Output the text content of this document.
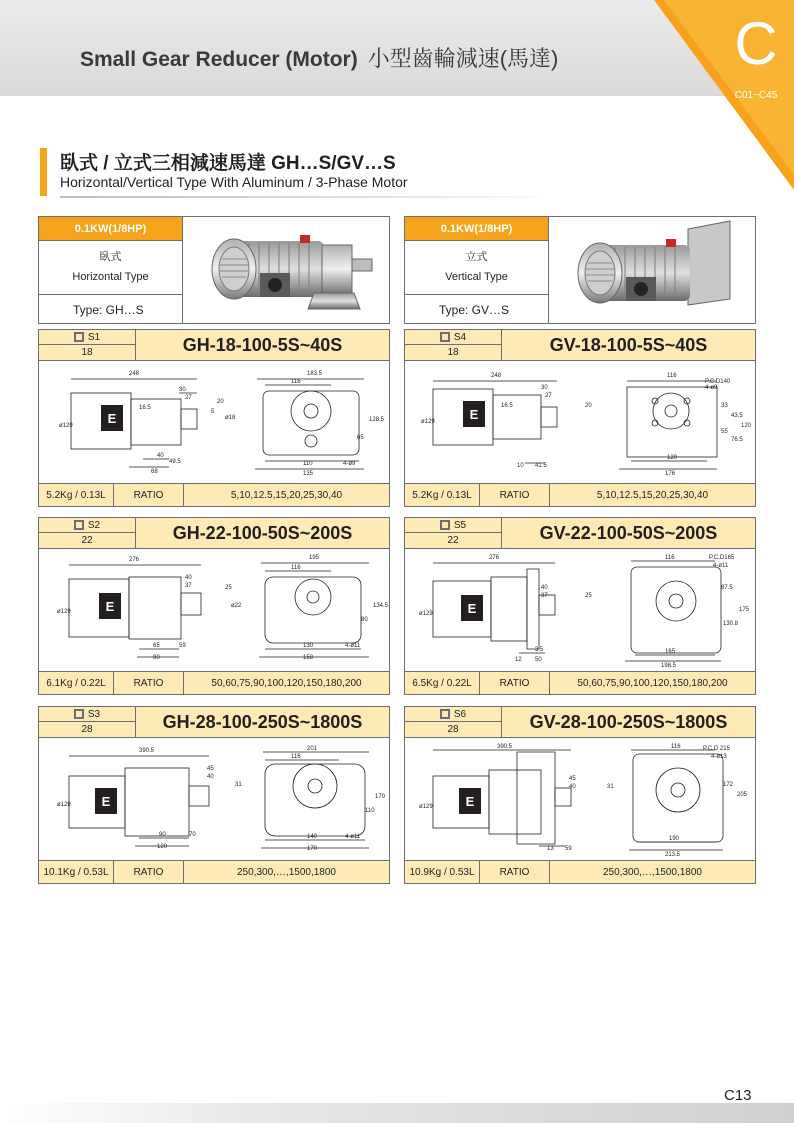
Small Gear Reducer (Motor) 小型齒輪減速(馬達)	C
C01~C45
臥式 / 立式三相減速馬達 GH…S/GV…S
Horizontal/Vertical Type With Aluminum / 3-Phase Motor
0.1KW(1/8HP)
臥式
Horizontal Type
Type: GH…S
0.1KW(1/8HP)
立式
Vertical Type
Type: GV…S
S1
18	GH-18-100-5S~40S
E
248
30
27
20
16.5
ø129
40
49.5
68
183.5
116
110
135
4-ø9
65
128.5
ø18
5
5.2Kg / 0.13L	RATIO	5,10,12.5,15,20,25,30,40
S4
18	GV-18-100-5S~40S
E
248	116
P.C.D140
30
27
20
16.5
ø129
10 41.5
120
176
4-ø9
33
43.5
55
76.5
120
5.2Kg / 0.13L	RATIO	5,10,12.5,15,20,25,30,40
S2
22	GH-22-100-50S~200S
E
276	195
116
40
37	25
ø129
65	59
90
130
158
4-ø11
80
134.5
ø22
6.1Kg / 0.22L	RATIO	50,60,75,90,100,120,150,180,200
S5
22	GV-22-100-50S~200S
E
276	116	P.C.D165
4-ø11
40
37	25
ø129
12 50
3.5	165
198.5
87.5
175
130.8
6.5Kg / 0.22L	RATIO	50,60,75,90,100,120,150,180,200
S3
28	GH-28-100-250S~1800S
E
390.5	201
116
45
40
31
ø129
90	70
120
140
170
4-ø11
110
170
10.1Kg / 0.53L	RATIO	250,300,…,1500,1800
S6
28	GV-28-100-250S~1800S
E
390.5	116	P.C.D 215
4-ø13
45
40	31
ø129
13 59
190
213.5
172
205
10.9Kg / 0.53L	RATIO	250,300,…,1500,1800
C13
